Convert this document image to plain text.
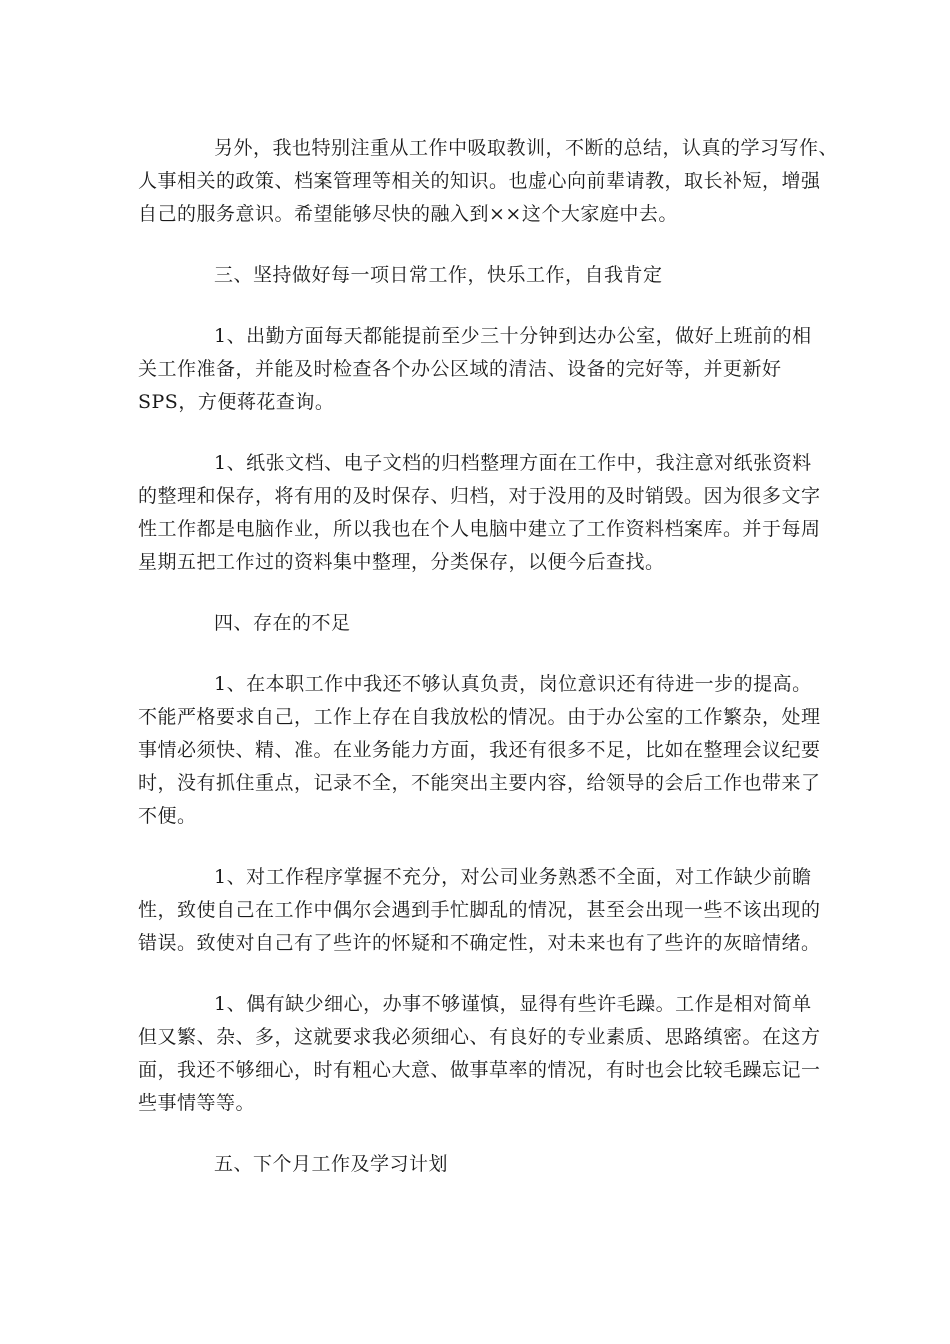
另外，我也特别注重从工作中吸取教训，不断的总结，认真的学习写作、
人事相关的政策、档案管理等相关的知识。也虚心向前辈请教，取长补短，增强
自己的服务意识。希望能够尽快的融入到××这个大家庭中去。

三、坚持做好每一项日常工作，快乐工作，自我肯定

1、出勤方面每天都能提前至少三十分钟到达办公室，做好上班前的相
关工作准备，并能及时检查各个办公区域的清洁、设备的完好等，并更新好
SPS，方便蒋花查询。

1、纸张文档、电子文档的归档整理方面在工作中，我注意对纸张资料
的整理和保存，将有用的及时保存、归档，对于没用的及时销毁。因为很多文字
性工作都是电脑作业，所以我也在个人电脑中建立了工作资料档案库。并于每周
星期五把工作过的资料集中整理，分类保存，以便今后查找。

四、存在的不足

1、在本职工作中我还不够认真负责，岗位意识还有待进一步的提高。
不能严格要求自己，工作上存在自我放松的情况。由于办公室的工作繁杂，处理
事情必须快、精、准。在业务能力方面，我还有很多不足，比如在整理会议纪要
时，没有抓住重点，记录不全，不能突出主要内容，给领导的会后工作也带来了
不便。

1、对工作程序掌握不充分，对公司业务熟悉不全面，对工作缺少前瞻
性，致使自己在工作中偶尔会遇到手忙脚乱的情况，甚至会出现一些不该出现的
错误。致使对自己有了些许的怀疑和不确定性，对未来也有了些许的灰暗情绪。

1、偶有缺少细心，办事不够谨慎，显得有些许毛躁。工作是相对简单
但又繁、杂、多，这就要求我必须细心、有良好的专业素质、思路缜密。在这方
面，我还不够细心，时有粗心大意、做事草率的情况，有时也会比较毛躁忘记一
些事情等等。

五、下个月工作及学习计划
